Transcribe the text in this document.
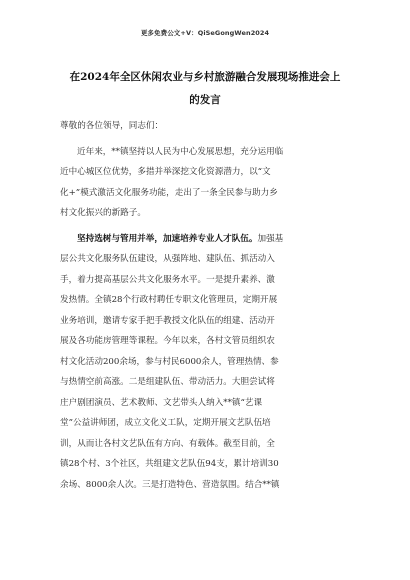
更多免费公文+V：QiSeGongWen2024
在2024年全区休闲农业与乡村旅游融合发展现场推进会上
的发言
尊敬的各位领导，同志们：
近年来，**镇坚持以人民为中心发展思想，充分运用临
近中心城区位优势，多措并举深挖文化资源潜力，以“文
化+”模式激活文化服务功能，走出了一条全民参与助力乡
村文化振兴的新路子。
坚持选树与管用并举，加速培养专业人才队伍。加强基
层公共文化服务队伍建设，从强阵地、建队伍、抓活动入
手，着力提高基层公共文化服务水平。一是提升素养、激
发热情。全镇28个行政村聘任专职文化管理员，定期开展
业务培训，邀请专家手把手教授文化队伍的组建、活动开
展及各功能房管理等课程。今年以来，各村文管员组织农
村文化活动200余场，参与村民6000余人，管理热情、参
与热情空前高涨。二是组建队伍、带动活力。大胆尝试将
庄户剧团演员、艺术教师、文艺带头人纳入**镇“艺课
堂”公益讲师团，成立文化义工队，定期开展文艺队伍培
训，从而让各村文艺队伍有方向、有载体。截至目前，全
镇28个村、3个社区，共组建文艺队伍94支，累计培训30
余场、8000余人次。三是打造特色、营造氛围。结合**镇
